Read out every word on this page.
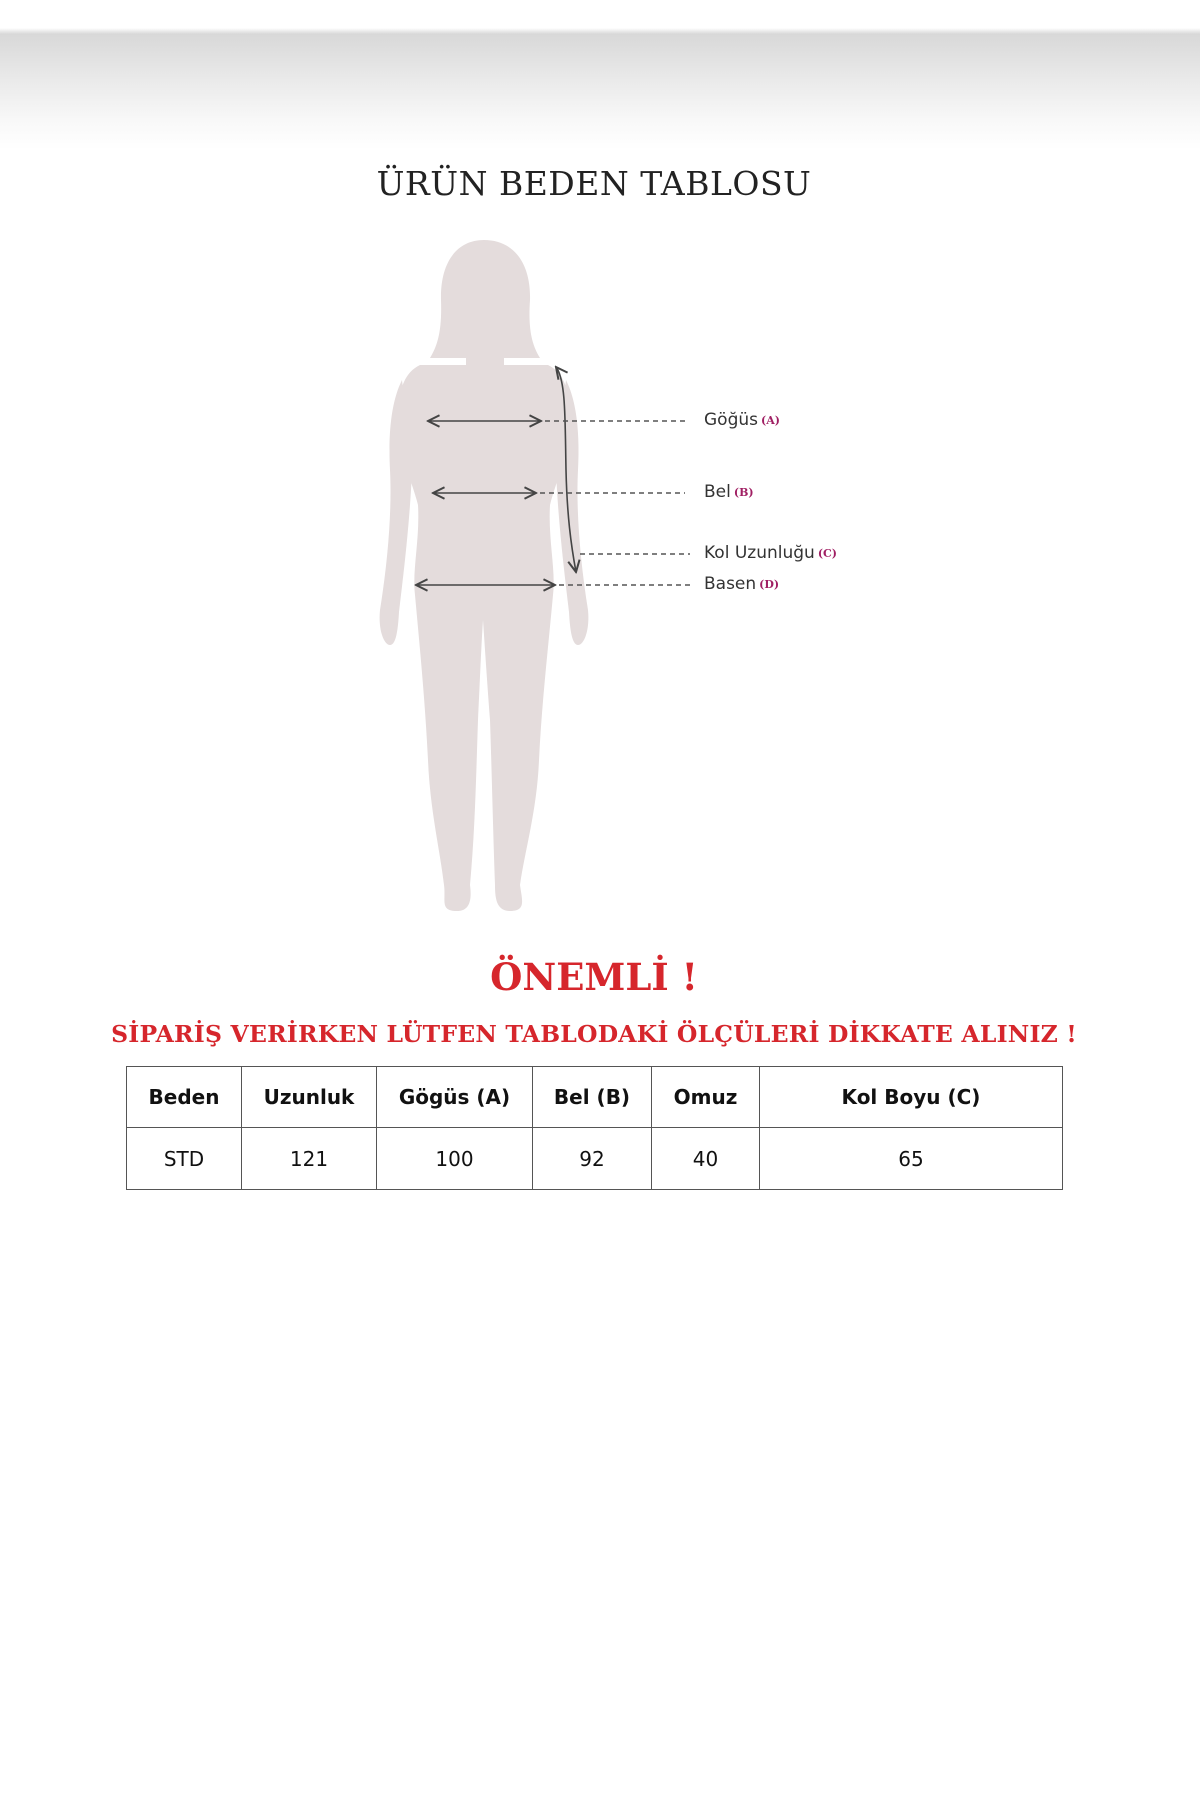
ÜRÜN BEDEN TABLOSU
Göğüs (A)
Bel (B)
Kol Uzunluğu (C)
Basen (D)
ÖNEMLİ !
SİPARİŞ VERİRKEN LÜTFEN TABLODAKİ ÖLÇÜLERİ DİKKATE ALINIZ !
Beden	Uzunluk	Gögüs (A)	Bel (B)	Omuz	Kol Boyu (C)
STD	121	100	92	40	65
